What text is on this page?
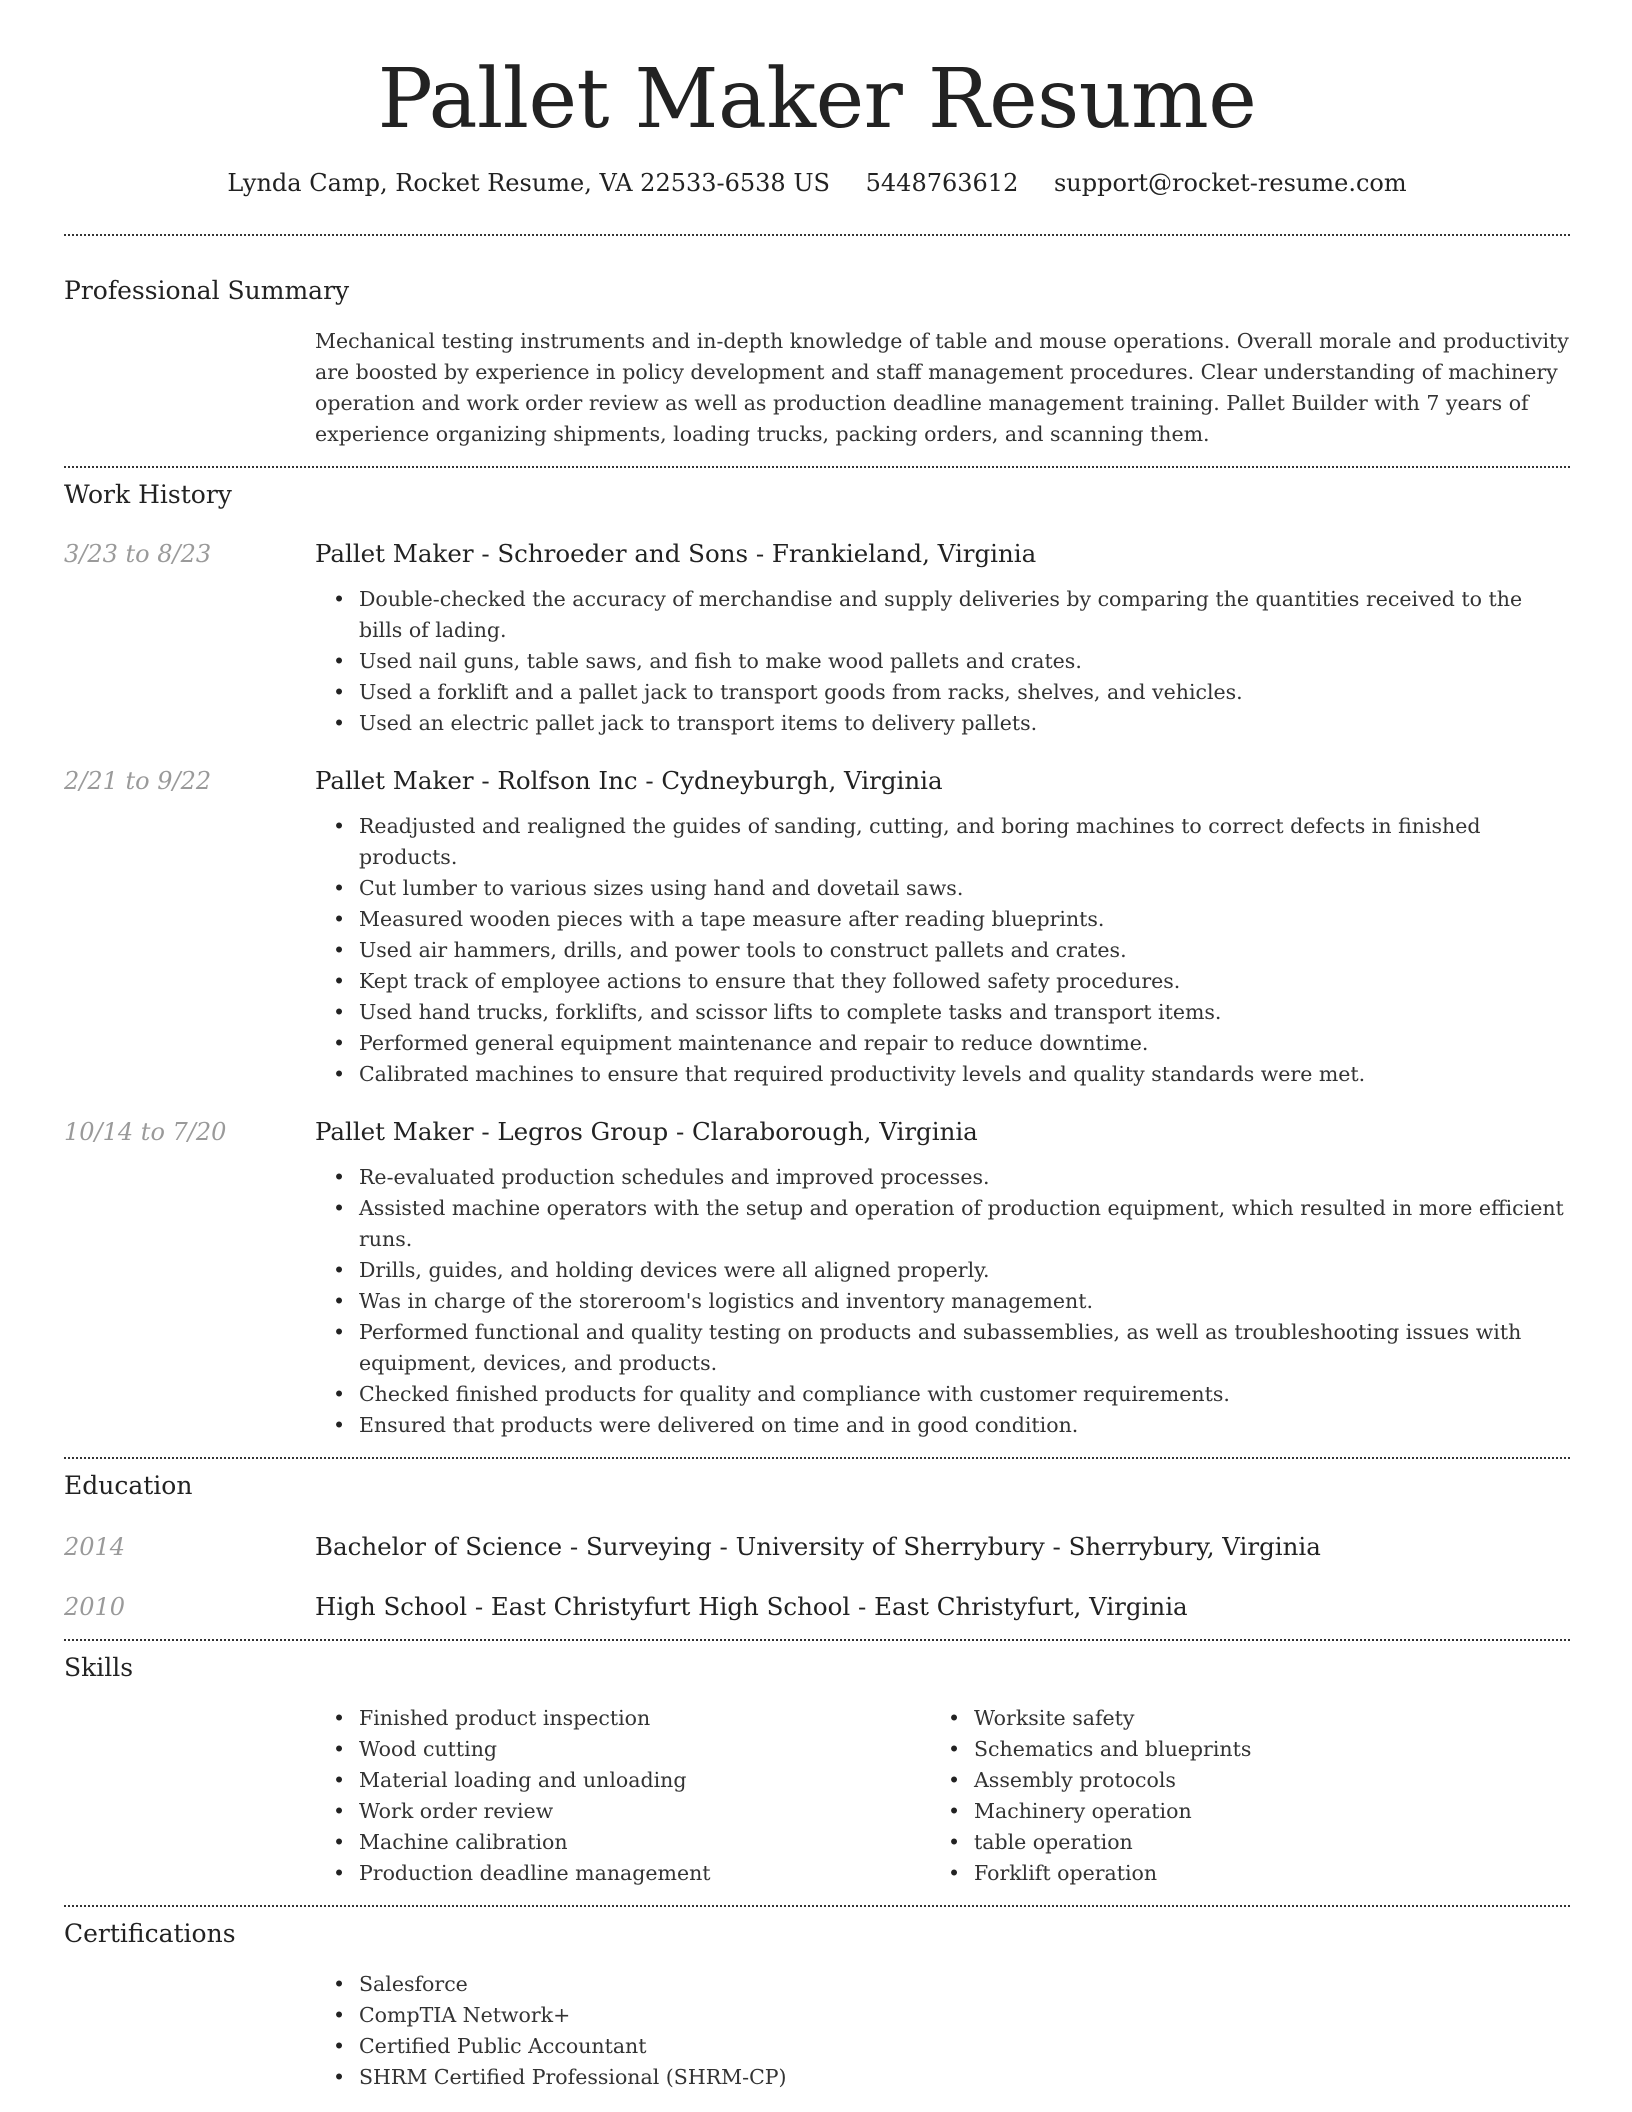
Pallet Maker Resume
Lynda Camp, Rocket Resume, VA 22533-6538 US 5448763612 support@rocket-resume.com
Professional Summary

Mechanical testing instruments and in-depth knowledge of table and mouse operations. Overall morale and productivity are boosted by experience in policy development and staff management procedures. Clear understanding of machinery operation and work order review as well as production deadline management training. Pallet Builder with 7 years of experience organizing shipments, loading trucks, packing orders, and scanning them.

Work History
3/23 to 8/23	Pallet Maker - Schroeder and Sons - Frankieland, Virginia
• Double-checked the accuracy of merchandise and supply deliveries by comparing the quantities received to the bills of lading.
• Used nail guns, table saws, and fish to make wood pallets and crates.
• Used a forklift and a pallet jack to transport goods from racks, shelves, and vehicles.
• Used an electric pallet jack to transport items to delivery pallets.
2/21 to 9/22	Pallet Maker - Rolfson Inc - Cydneyburgh, Virginia
• Readjusted and realigned the guides of sanding, cutting, and boring machines to correct defects in finished products.
• Cut lumber to various sizes using hand and dovetail saws.
• Measured wooden pieces with a tape measure after reading blueprints.
• Used air hammers, drills, and power tools to construct pallets and crates.
• Kept track of employee actions to ensure that they followed safety procedures.
• Used hand trucks, forklifts, and scissor lifts to complete tasks and transport items.
• Performed general equipment maintenance and repair to reduce downtime.
• Calibrated machines to ensure that required productivity levels and quality standards were met.
10/14 to 7/20	Pallet Maker - Legros Group - Claraborough, Virginia
• Re-evaluated production schedules and improved processes.
• Assisted machine operators with the setup and operation of production equipment, which resulted in more efficient runs.
• Drills, guides, and holding devices were all aligned properly.
• Was in charge of the storeroom's logistics and inventory management.
• Performed functional and quality testing on products and subassemblies, as well as troubleshooting issues with equipment, devices, and products.
• Checked finished products for quality and compliance with customer requirements.
• Ensured that products were delivered on time and in good condition.
Education
2014	Bachelor of Science - Surveying - University of Sherrybury - Sherrybury, Virginia
2010	High School - East Christyfurt High School - East Christyfurt, Virginia
Skills
• Finished product inspection
• Wood cutting
• Material loading and unloading
• Work order review
• Machine calibration
• Production deadline management
• Worksite safety
• Schematics and blueprints
• Assembly protocols
• Machinery operation
• table operation
• Forklift operation
Certifications
• Salesforce
• CompTIA Network+
• Certified Public Accountant
• SHRM Certified Professional (SHRM-CP)
